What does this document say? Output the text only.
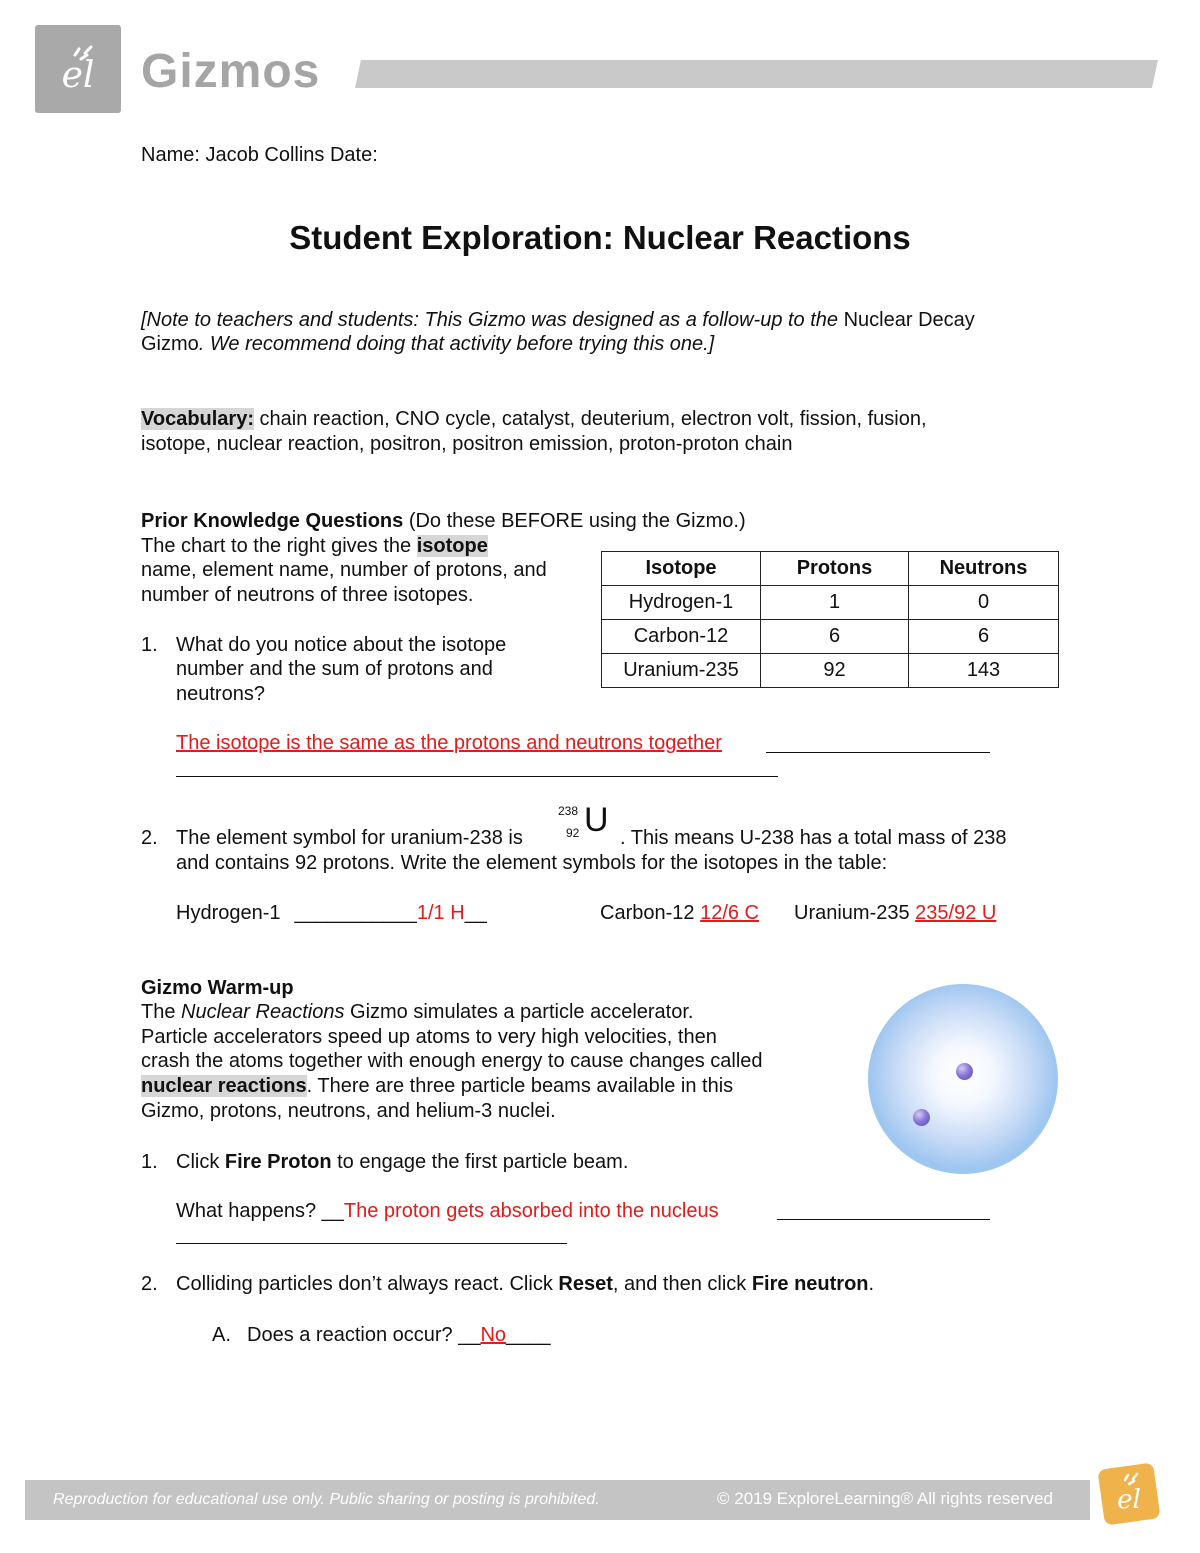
el Gizmos
Name: Jacob Collins Date:
Student Exploration: Nuclear Reactions
[Note to teachers and students: This Gizmo was designed as a follow-up to the Nuclear Decay
Gizmo. We recommend doing that activity before trying this one.]
Vocabulary: chain reaction, CNO cycle, catalyst, deuterium, electron volt, fission, fusion,
isotope, nuclear reaction, positron, positron emission, proton-proton chain
Prior Knowledge Questions (Do these BEFORE using the Gizmo.)
The chart to the right gives the isotope
name, element name, number of protons, and
number of neutrons of three isotopes.
1. What do you notice about the isotope
number and the sum of protons and
neutrons?
The isotope is the same as the protons and neutrons together
Isotope	Protons	Neutrons
Hydrogen-1	1	0
Carbon-12	6	6
Uranium-235	92	143
2. The element symbol for uranium-238 is
238
92 U . This means U-238 has a total mass of 238
and contains 92 protons. Write the element symbols for the isotopes in the table:
Hydrogen-1 ___________1/1 H__	Carbon-12 12/6 C Uranium-235 235/92 U
Gizmo Warm-up
The Nuclear Reactions Gizmo simulates a particle accelerator.
Particle accelerators speed up atoms to very high velocities, then
crash the atoms together with enough energy to cause changes called
nuclear reactions. There are three particle beams available in this
Gizmo, protons, neutrons, and helium-3 nuclei.
1. Click Fire Proton to engage the first particle beam.
What happens? __The proton gets absorbed into the nucleus
2. Colliding particles don’t always react. Click Reset, and then click Fire neutron.
A. Does a reaction occur? __No____
Reproduction for educational use only. Public sharing or posting is prohibited.	© 2019 ExploreLearning® All rights reserved el
